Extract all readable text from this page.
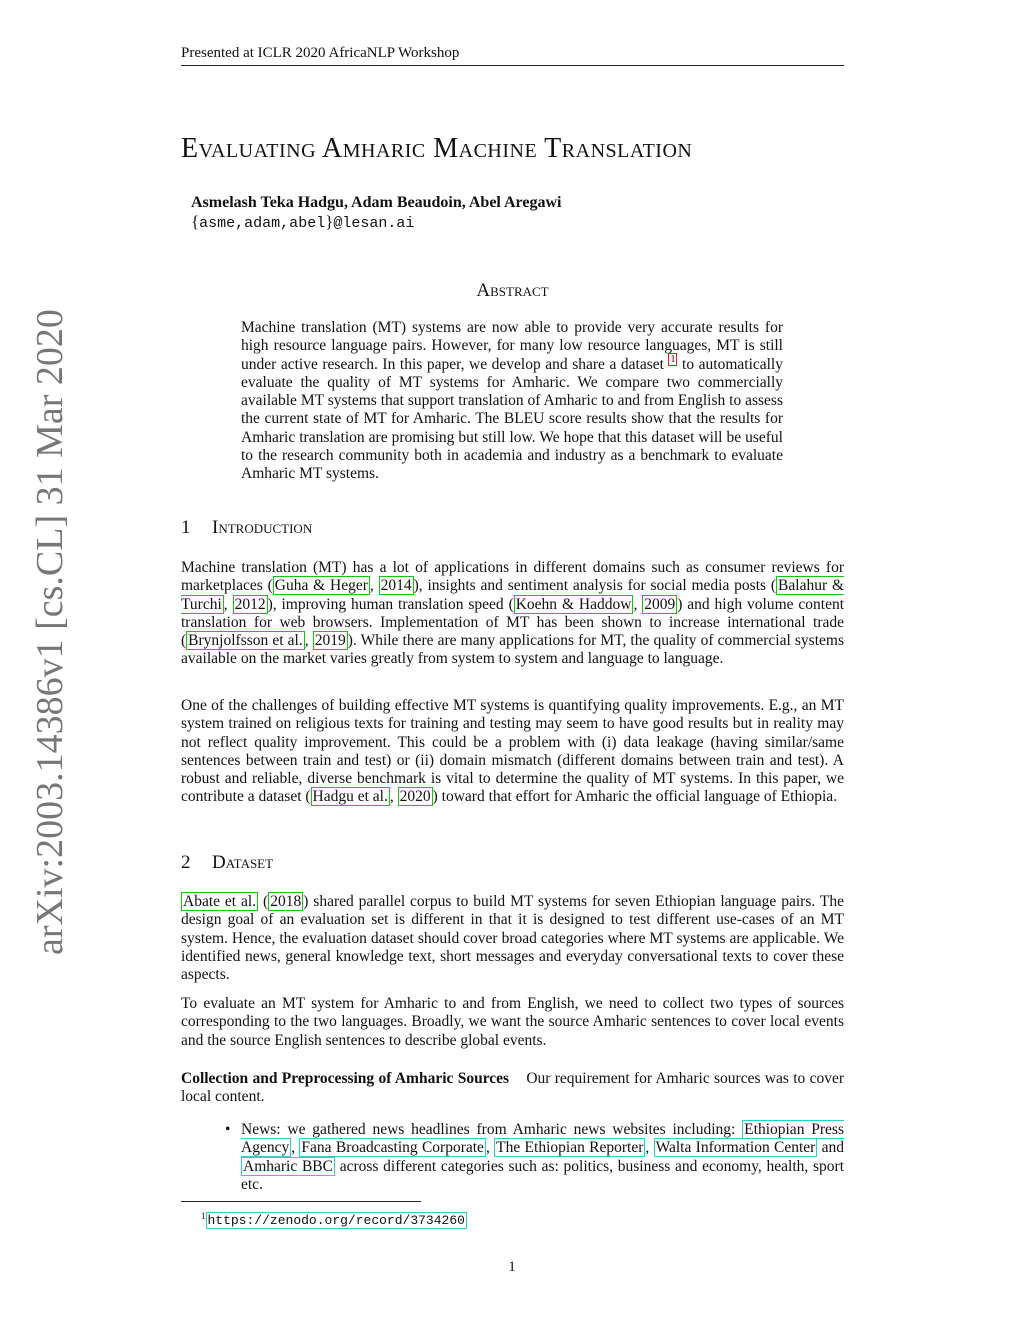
Presented at ICLR 2020 AfricaNLP Workshop
arXiv:2003.14386v1 [cs.CL] 31 Mar 2020
Evaluating Amharic Machine Translation
Asmelash Teka Hadgu, Adam Beaudoin, Abel Aregawi
{asme,adam,abel}@lesan.ai
Abstract
Machine translation (MT) systems are now able to provide very accurate results for high resource language pairs. However, for many low resource languages, MT is still under active research. In this paper, we develop and share a dataset $^1$ to automatically evaluate the quality of MT systems for Amharic. We compare two commercially available MT systems that support translation of Amharic to and from English to assess the current state of MT for Amharic. The BLEU score results show that the results for Amharic translation are promising but still low. We hope that this dataset will be useful to the research community both in academia and industry as a benchmark to evaluate Amharic MT systems.
1 Introduction
Machine translation (MT) has a lot of applications in different domains such as consumer reviews for marketplaces ( Guha & Heger , 2014 ), insights and sentiment analysis for social media posts ( Balahur & Turchi , 2012 ), improving human translation speed ( Koehn & Haddow , 2009 ) and high volume content translation for web browsers. Implementation of MT has been shown to increase international trade ( Brynjolfsson et al. , 2019 ). While there are many applications for MT, the quality of commercial systems available on the market varies greatly from system to system and language to language.
One of the challenges of building effective MT systems is quantifying quality improvements. E.g., an MT system trained on religious texts for training and testing may seem to have good results but in reality may not reflect quality improvement. This could be a problem with (i) data leakage (having similar/same sentences between train and test) or (ii) domain mismatch (different domains between train and test). A robust and reliable, diverse benchmark is vital to determine the quality of MT systems. In this paper, we contribute a dataset ( Hadgu et al. , 2020 ) toward that effort for Amharic the official language of Ethiopia.
2 Dataset
Abate et al. ( 2018 ) shared parallel corpus to build MT systems for seven Ethiopian language pairs. The design goal of an evaluation set is different in that it is designed to test different use-cases of an MT system. Hence, the evaluation dataset should cover broad categories where MT systems are applicable. We identified news, general knowledge text, short messages and everyday conversational texts to cover these aspects.
To evaluate an MT system for Amharic to and from English, we need to collect two types of sources corresponding to the two languages. Broadly, we want the source Amharic sentences to cover local events and the source English sentences to describe global events.
Collection and Preprocessing of Amharic Sources Our requirement for Amharic sources was to cover local content.
• News: we gathered news headlines from Amharic news websites including: Ethiopian Press Agency , Fana Broadcasting Corporate , The Ethiopian Reporter , Walta Information Center and Amharic BBC across different categories such as: politics, business and economy, health, sport etc.
$^1$ https://zenodo.org/record/3734260
1
